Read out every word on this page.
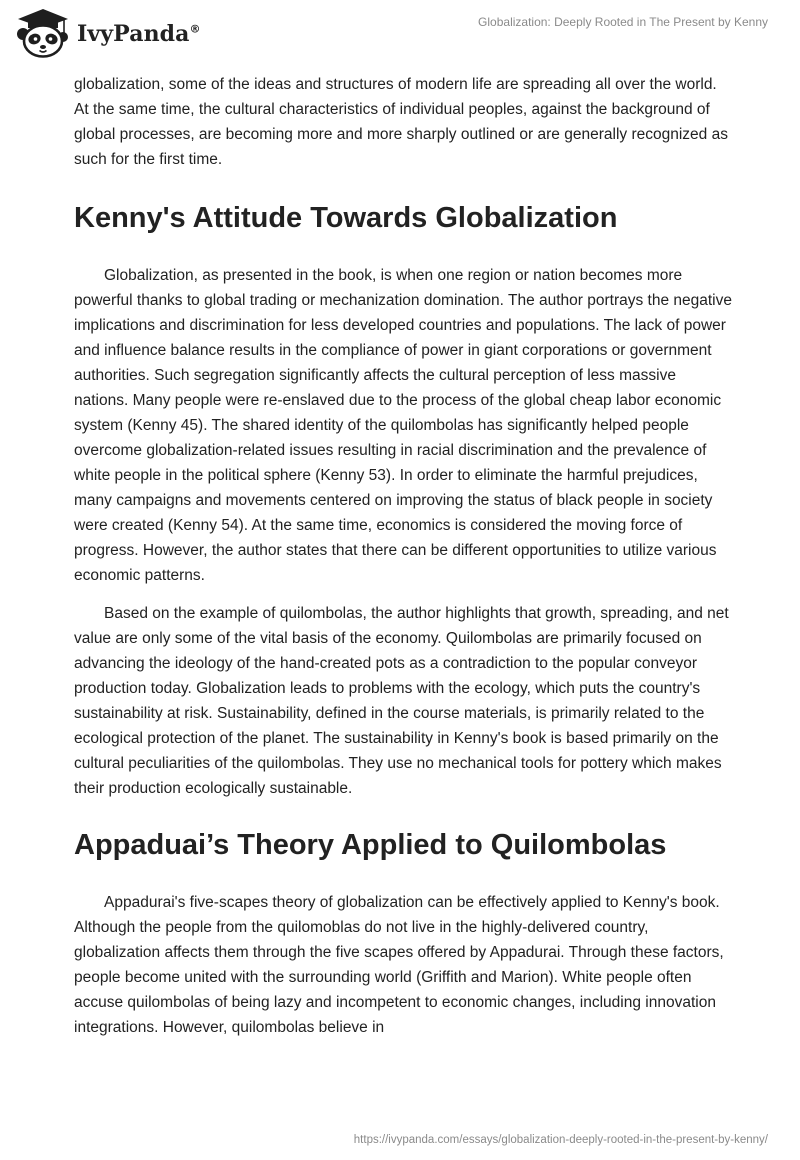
IvyPanda®
Globalization: Deeply Rooted in The Present by Kenny

globalization, some of the ideas and structures of modern life are spreading all over the world. At the same time, the cultural characteristics of individual peoples, against the background of global processes, are becoming more and more sharply outlined or are generally recognized as such for the first time.

Kenny's Attitude Towards Globalization

Globalization, as presented in the book, is when one region or nation becomes more powerful thanks to global trading or mechanization domination. The author portrays the negative implications and discrimination for less developed countries and populations. The lack of power and influence balance results in the compliance of power in giant corporations or government authorities. Such segregation significantly affects the cultural perception of less massive nations. Many people were re-enslaved due to the process of the global cheap labor economic system (Kenny 45). The shared identity of the quilombolas has significantly helped people overcome globalization-related issues resulting in racial discrimination and the prevalence of white people in the political sphere (Kenny 53). In order to eliminate the harmful prejudices, many campaigns and movements centered on improving the status of black people in society were created (Kenny 54). At the same time, economics is considered the moving force of progress. However, the author states that there can be different opportunities to utilize various economic patterns.

Based on the example of quilombolas, the author highlights that growth, spreading, and net value are only some of the vital basis of the economy. Quilombolas are primarily focused on advancing the ideology of the hand-created pots as a contradiction to the popular conveyor production today. Globalization leads to problems with the ecology, which puts the country's sustainability at risk. Sustainability, defined in the course materials, is primarily related to the ecological protection of the planet. The sustainability in Kenny's book is based primarily on the cultural peculiarities of the quilombolas. They use no mechanical tools for pottery which makes their production ecologically sustainable.

Appaduai’s Theory Applied to Quilombolas

Appadurai's five-scapes theory of globalization can be effectively applied to Kenny's book. Although the people from the quilomoblas do not live in the highly-delivered country, globalization affects them through the five scapes offered by Appadurai. Through these factors, people become united with the surrounding world (Griffith and Marion). White people often accuse quilombolas of being lazy and incompetent to economic changes, including innovation integrations. However, quilombolas believe in

https://ivypanda.com/essays/globalization-deeply-rooted-in-the-present-by-kenny/
